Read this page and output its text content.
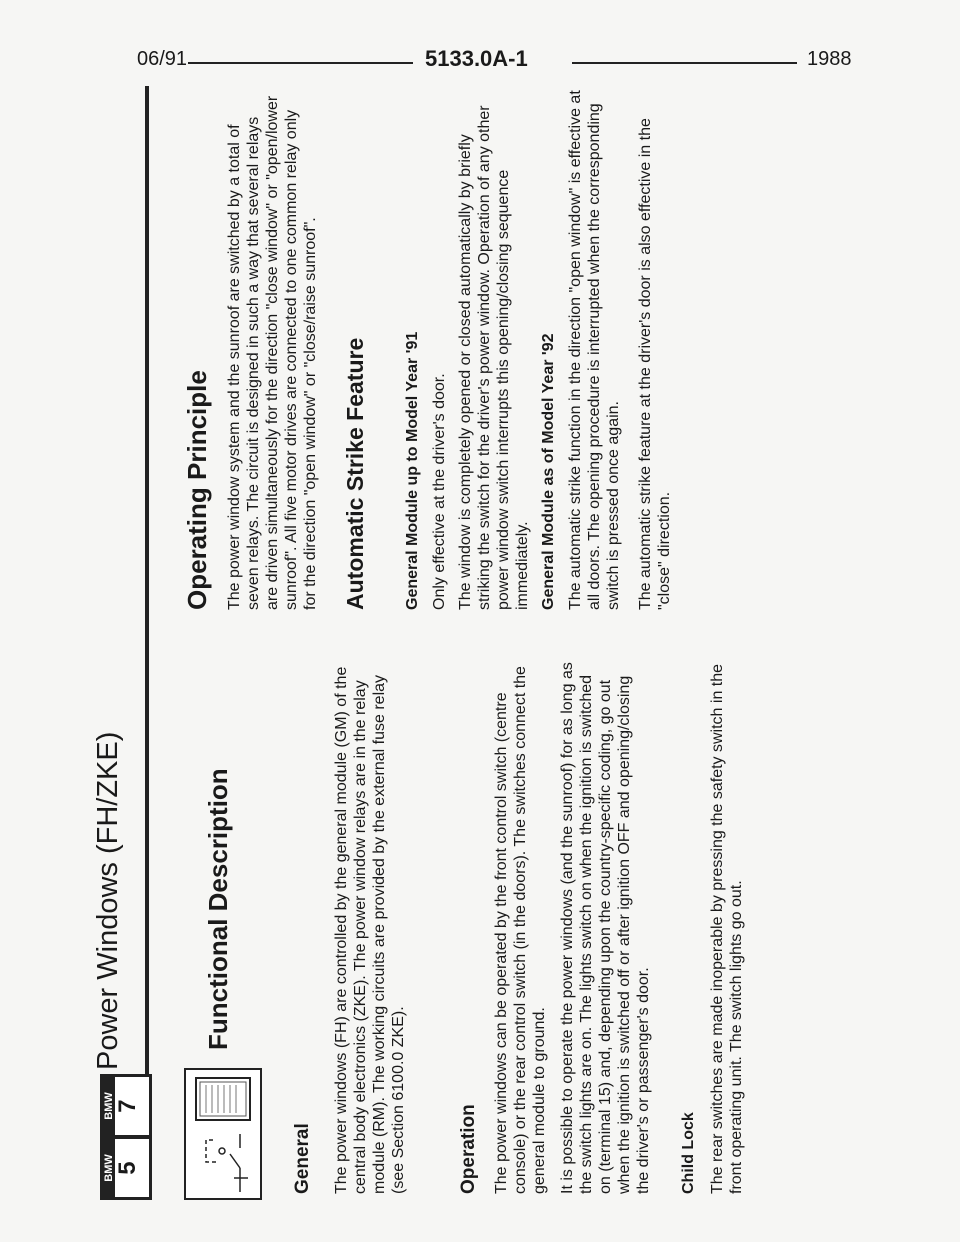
06/91	5133.0A-1	1988
BMW 5
BMW 7
Power Windows (FH/ZKE)	Functional Description
General The power windows (FH) are controlled by the general module (GM) of the central body electronics (ZKE). The power window relays are in the relay module (RM). The working circuits are provided by the external fuse relay (see Section 6100.0 ZKE).	Operation The power windows can be operated by the front control switch (centre console) or the rear control switch (in the doors). The switches connect the general module to ground. It is possible to operate the power windows (and the sunroof) for as long as the switch lights are on. The lights switch on when the ignition is switched on (terminal 15) and, depending upon the country-specific coding, go out when the ignition is switched off or after ignition OFF and opening/closing the driver's or passenger's door. Child Lock The rear switches are made inoperable by pressing the safety switch in the front operating unit. The switch lights go out.
Operating Principle The power window system and the sunroof are switched by a total of seven relays. The circuit is designed in such a way that several relays are driven simultaneously for the direction "close window" or "open/lower sunroof". All five motor drives are connected to one common relay only for the direction "open window" or "close/raise sunroof". Automatic Strike Feature General Module up to Model Year '91 Only effective at the driver's door. The window is completely opened or closed automatically by briefly striking the switch for the driver's power window. Operation of any other power window switch interrupts this opening/closing sequence immediately. General Module as of Model Year '92 The automatic strike function in the direction "open window" is effective at all doors. The opening procedure is interrupted when the corresponding switch is pressed once again. The automatic strike feature at the driver's door is also effective in the "close" direction.
